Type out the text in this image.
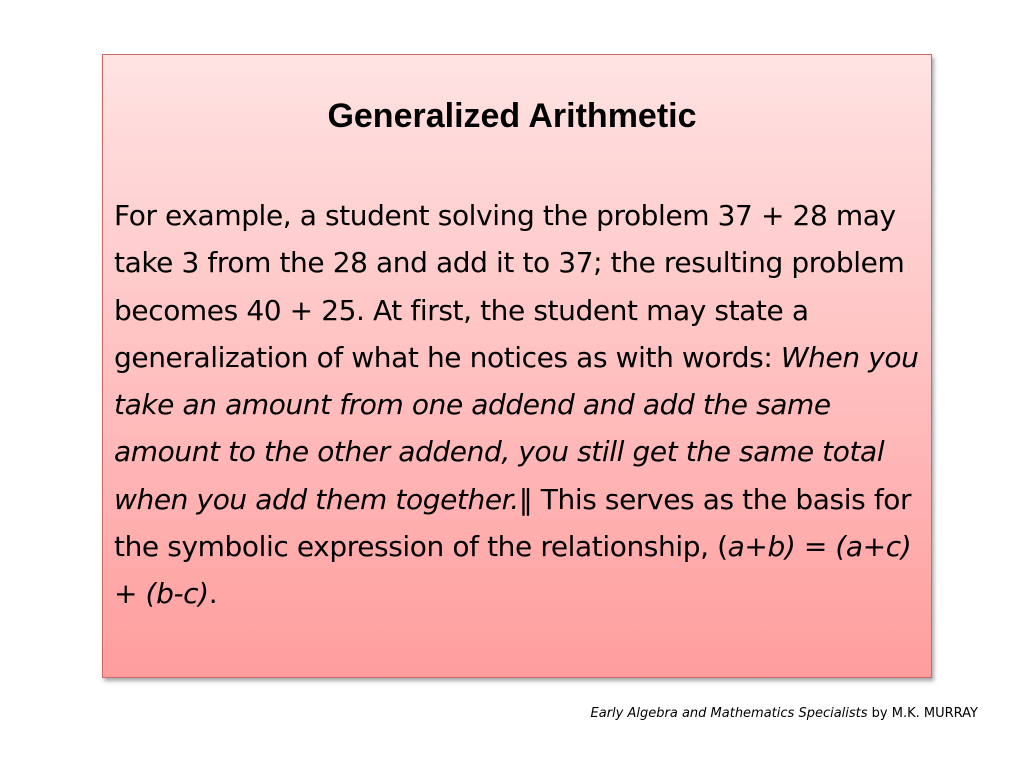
Generalized Arithmetic

For example, a student solving the problem 37 + 28 may take 3 from the 28 and add it to 37; the resulting problem becomes 40 + 25. At first, the student may state a generalization of what he notices as with words: When you take an amount from one addend and add the same amount to the other addend, you still get the same total when you add them together.‖ This serves as the basis for the symbolic expression of the relationship, (a+b) = (a+c) + (b-c).

Early Algebra and Mathematics Specialists by M.K. MURRAY
